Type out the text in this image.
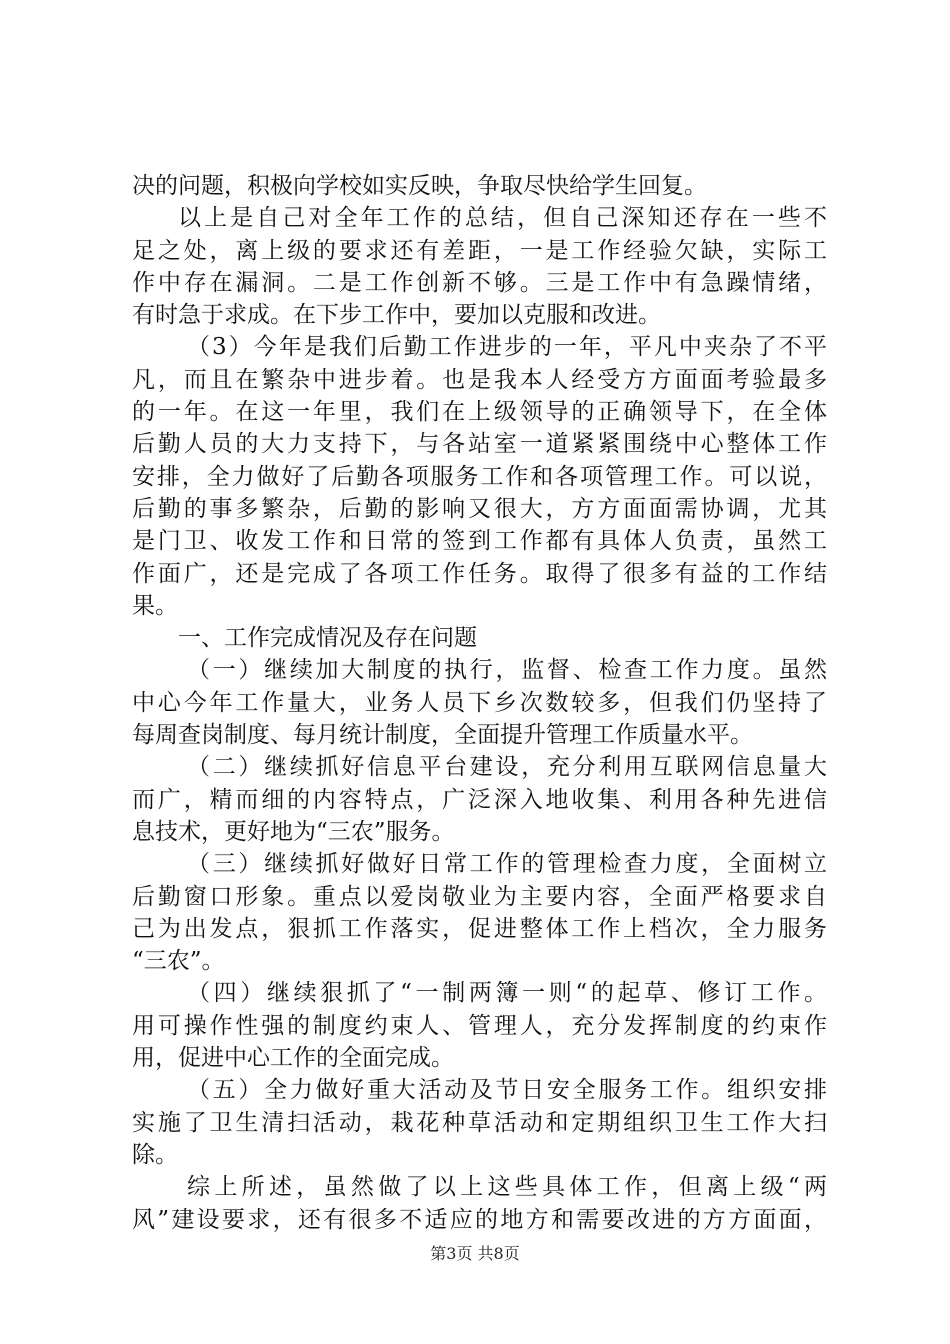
决的问题，积极向学校如实反映，争取尽快给学生回复。
以上是自己对全年工作的总结，但自己深知还存在一些不
足之处，离上级的要求还有差距，一是工作经验欠缺，实际工
作中存在漏洞。二是工作创新不够。三是工作中有急躁情绪，
有时急于求成。在下步工作中，要加以克服和改进。
（3）今年是我们后勤工作进步的一年，平凡中夹杂了不平
凡，而且在繁杂中进步着。也是我本人经受方方面面考验最多
的一年。在这一年里，我们在上级领导的正确领导下，在全体
后勤人员的大力支持下，与各站室一道紧紧围绕中心整体工作
安排，全力做好了后勤各项服务工作和各项管理工作。可以说，
后勤的事多繁杂，后勤的影响又很大，方方面面需协调，尤其
是门卫、收发工作和日常的签到工作都有具体人负责，虽然工
作面广，还是完成了各项工作任务。取得了很多有益的工作结
果。
一、工作完成情况及存在问题
（一）继续加大制度的执行，监督、检查工作力度。虽然
中心今年工作量大，业务人员下乡次数较多，但我们仍坚持了
每周查岗制度、每月统计制度，全面提升管理工作质量水平。
（二）继续抓好信息平台建设，充分利用互联网信息量大
而广，精而细的内容特点，广泛深入地收集、利用各种先进信
息技术，更好地为“三农”服务。
（三）继续抓好做好日常工作的管理检查力度，全面树立
后勤窗口形象。重点以爱岗敬业为主要内容，全面严格要求自
己为出发点，狠抓工作落实，促进整体工作上档次，全力服务
“三农”。
（四）继续狠抓了“一制两簿一则“的起草、修订工作。
用可操作性强的制度约束人、管理人，充分发挥制度的约束作
用，促进中心工作的全面完成。
（五）全力做好重大活动及节日安全服务工作。组织安排
实施了卫生清扫活动，栽花种草活动和定期组织卫生工作大扫
除。
综上所述，虽然做了以上这些具体工作，但离上级“两
风”建设要求，还有很多不适应的地方和需要改进的方方面面，
第3页 共8页
